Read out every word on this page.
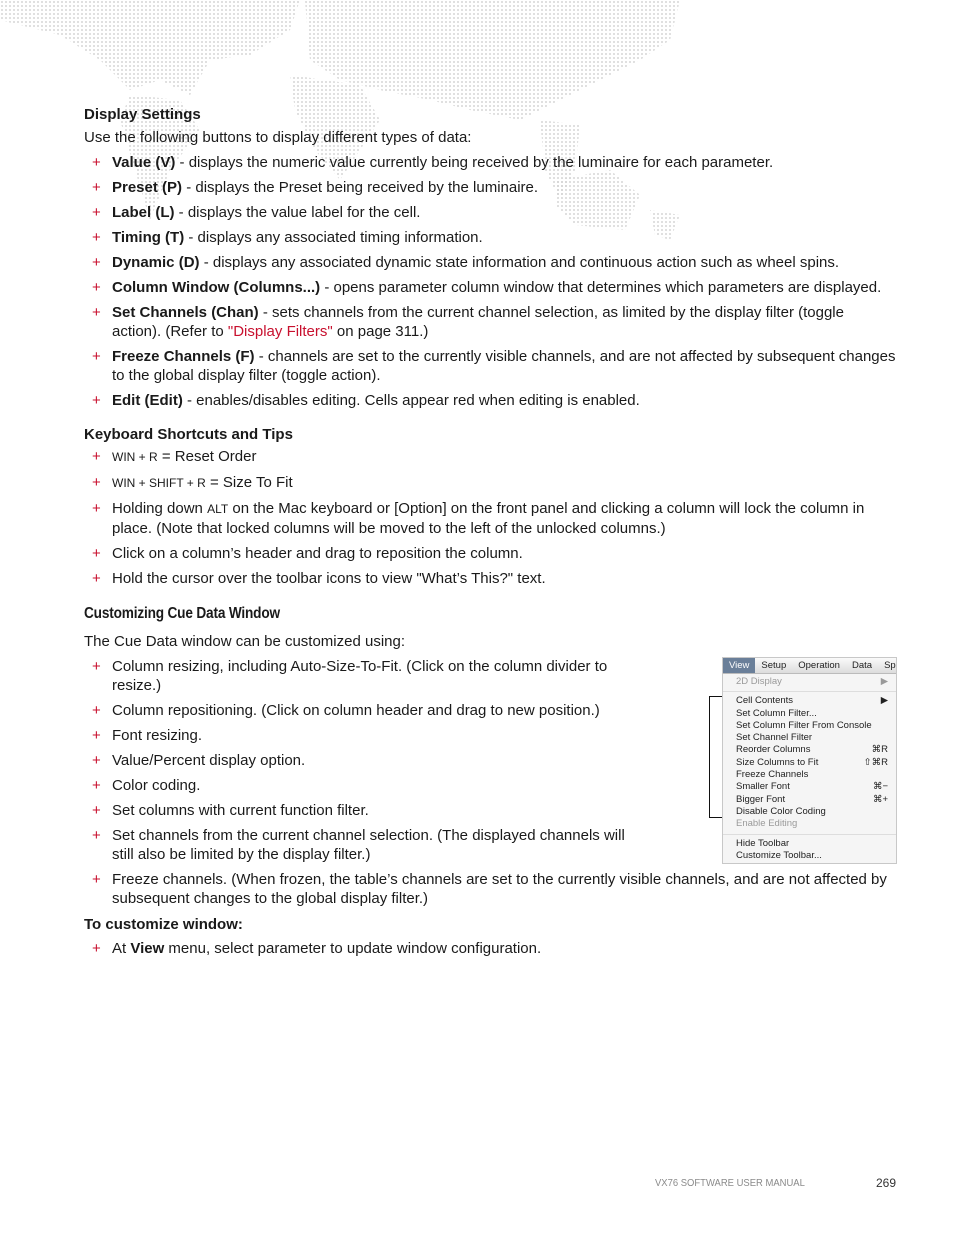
Display Settings

Use the following buttons to display different types of data:

+ Value (V) - displays the numeric value currently being received by the luminaire for each parameter.
+ Preset (P) - displays the Preset being received by the luminaire.
+ Label (L) - displays the value label for the cell.
+ Timing (T) - displays any associated timing information.
+ Dynamic (D) - displays any associated dynamic state information and continuous action such as wheel spins.
+ Column Window (Columns...) - opens parameter column window that determines which parameters are displayed.
+ Set Channels (Chan) - sets channels from the current channel selection, as limited by the display filter (toggle action). (Refer to "Display Filters" on page 311.)
+ Freeze Channels (F) - channels are set to the currently visible channels, and are not affected by subsequent changes to the global display filter (toggle action).
+ Edit (Edit) - enables/disables editing. Cells appear red when editing is enabled.

Keyboard Shortcuts and Tips

+ WIN + R = Reset Order
+ WIN + SHIFT + R = Size To Fit
+ Holding down ALT on the Mac keyboard or [Option] on the front panel and clicking a column will lock the column in place. (Note that locked columns will be moved to the left of the unlocked columns.)
+ Click on a column’s header and drag to reposition the column.
+ Hold the cursor over the toolbar icons to view "What’s This?" text.

Customizing Cue Data Window

The Cue Data window can be customized using:

+ Column resizing, including Auto-Size-To-Fit. (Click on the column divider to resize.)
+ Column repositioning. (Click on column header and drag to new position.)
+ Font resizing.
+ Value/Percent display option.
+ Color coding.
+ Set columns with current function filter.
+ Set channels from the current channel selection. (The displayed channels will still also be limited by the display filter.)
+ Freeze channels. (When frozen, the table’s channels are set to the currently visible channels, and are not affected by subsequent changes to the global display filter.)

To customize window:

+ At View menu, select parameter to update window configuration.
View	Setup	Operation	Data	Sp
2D Display	▶
Cell Contents	▶
Set Column Filter...
Set Column Filter From Console
Set Channel Filter
Reorder Columns	⌘R
Size Columns to Fit	⇧⌘R
Freeze Channels
Smaller Font	⌘−
Bigger Font	⌘+
Disable Color Coding
Enable Editing
Hide Toolbar
Customize Toolbar...
VX76 SOFTWARE USER MANUAL	269
